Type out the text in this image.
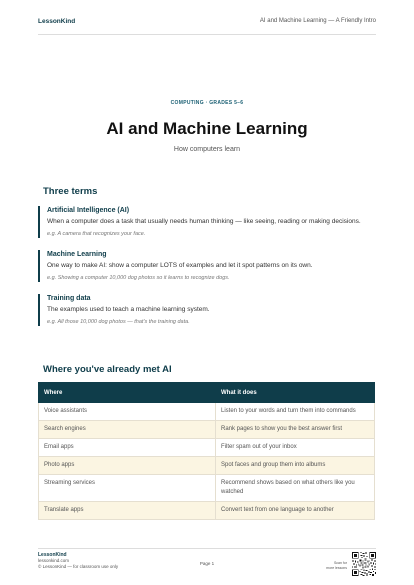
LessonKind	AI and Machine Learning — A Friendly Intro
COMPUTING · GRADES 5–6
AI and Machine Learning
How computers learn
Three terms
Artificial Intelligence (AI)
When a computer does a task that usually needs human thinking — like seeing, reading or making decisions.
e.g. A camera that recognizes your face.
Machine Learning
One way to make AI: show a computer LOTS of examples and let it spot patterns on its own.
e.g. Showing a computer 10,000 dog photos so it learns to recognize dogs.
Training data
The examples used to teach a machine learning system.
e.g. All those 10,000 dog photos — that's the training data.
Where you've already met AI
Where	What it does
Voice assistants	Listen to your words and turn them into commands
Search engines	Rank pages to show you the best answer first
Email apps	Filter spam out of your inbox
Photo apps	Spot faces and group them into albums
Streaming services	Recommend shows based on what others like you watched
Translate apps	Convert text from one language to another
LessonKind
lessonkind.com
© LessonKind — for classroom use only
Page 1	Scan for
more lessons
